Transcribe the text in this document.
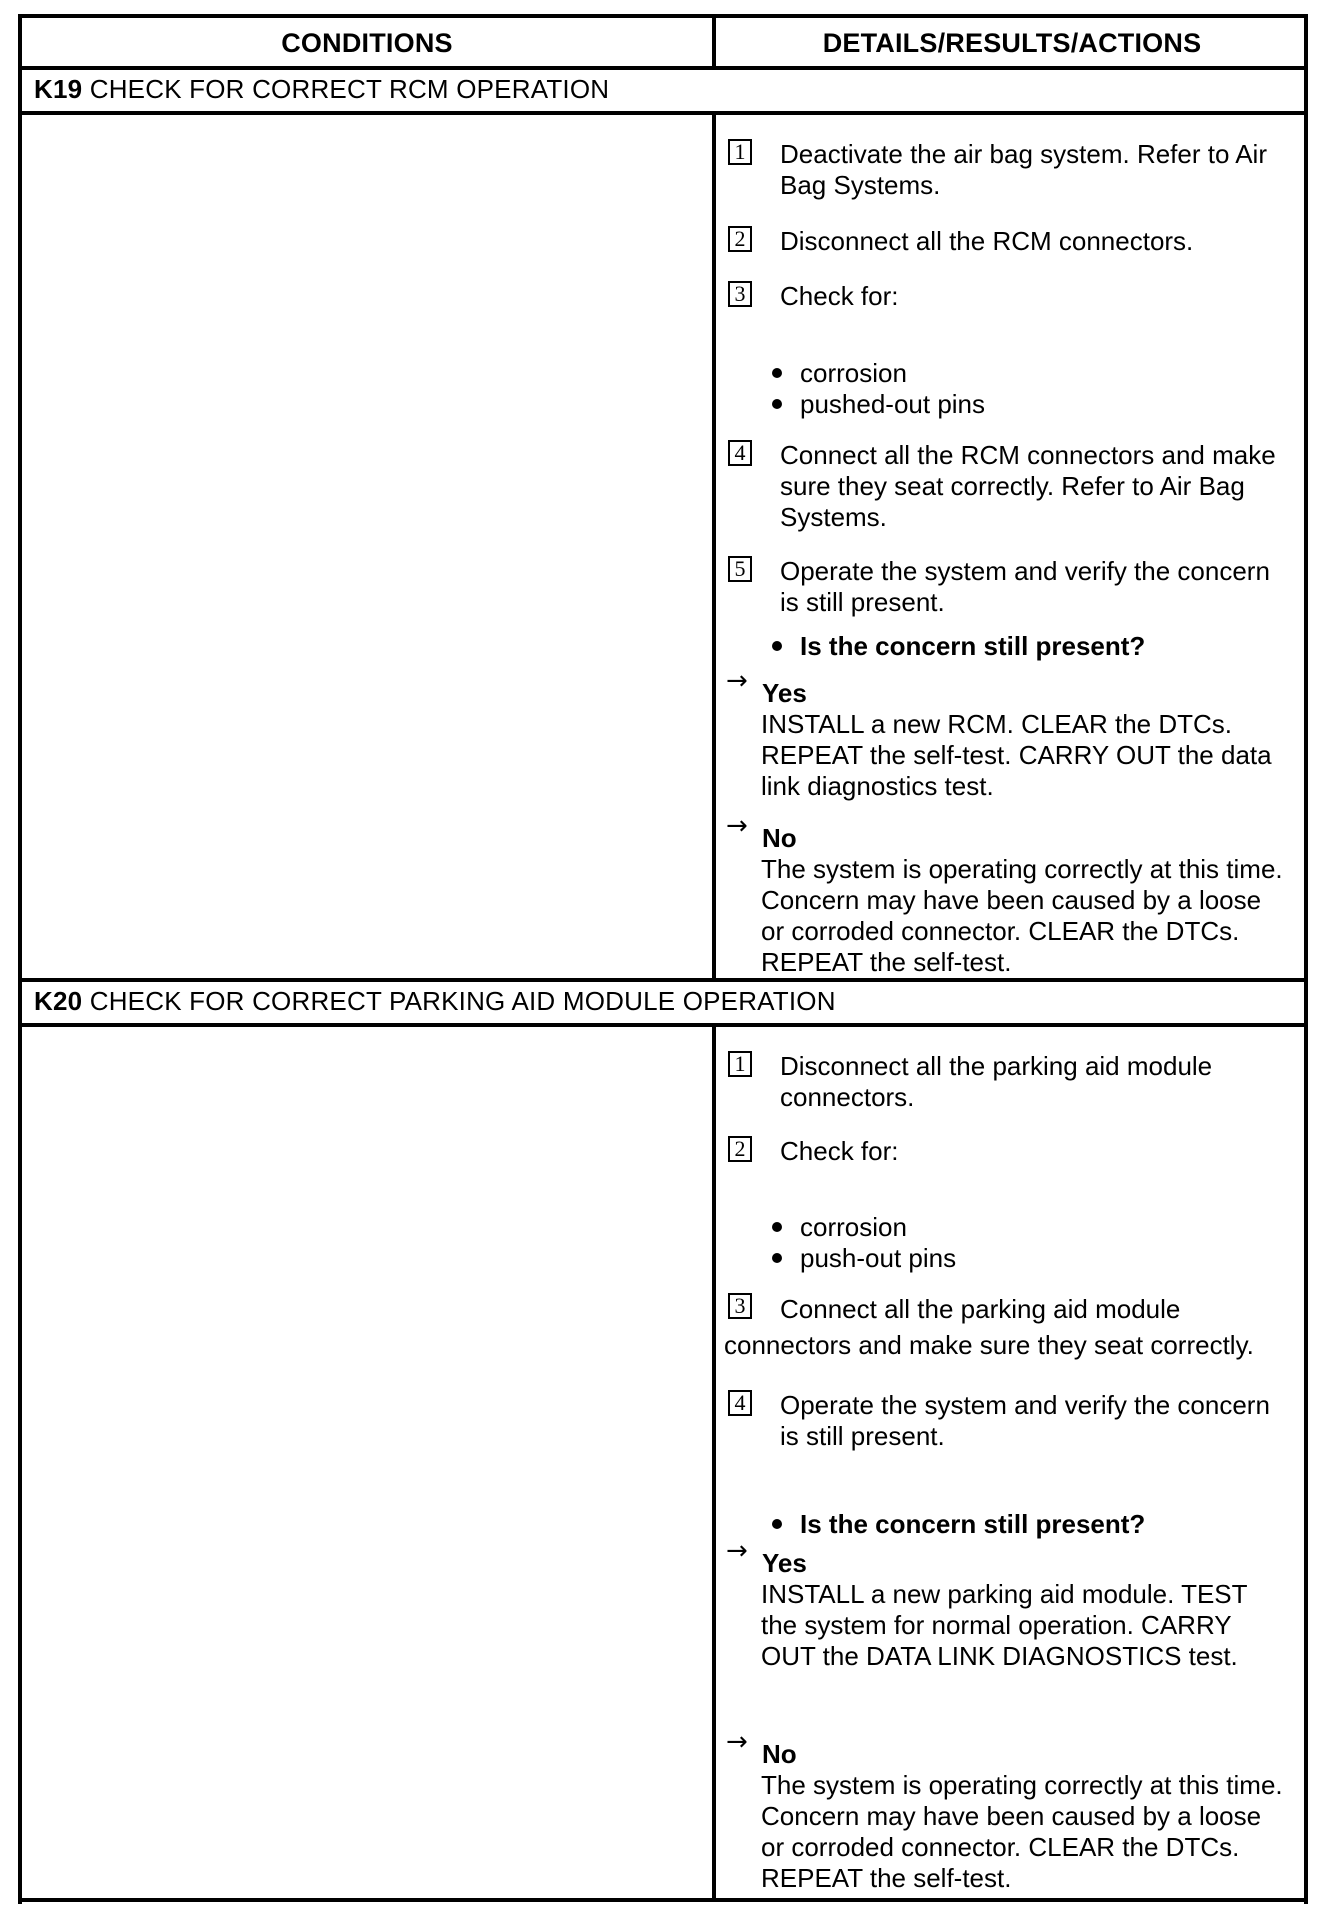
CONDITIONS	DETAILS/RESULTS/ACTIONS
K19 CHECK FOR CORRECT RCM OPERATION
1 Deactivate the air bag system. Refer to Air Bag Systems.
2 Disconnect all the RCM connectors.
3 Check for:
corrosion
pushed-out pins
4 Connect all the RCM connectors and make sure they seat correctly. Refer to Air Bag Systems.
5 Operate the system and verify the concern is still present.
Is the concern still present?
→ Yes
INSTALL a new RCM. CLEAR the DTCs. REPEAT the self-test. CARRY OUT the data link diagnostics test.
→ No
The system is operating correctly at this time. Concern may have been caused by a loose or corroded connector. CLEAR the DTCs. REPEAT the self-test.
K20 CHECK FOR CORRECT PARKING AID MODULE OPERATION
1 Disconnect all the parking aid module connectors.
2 Check for:
corrosion
push-out pins
3	Connect all the parking aid module connectors and make sure they seat correctly.
4 Operate the system and verify the concern is still present.
Is the concern still present?
→ Yes
INSTALL a new parking aid module. TEST the system for normal operation. CARRY OUT the DATA LINK DIAGNOSTICS test.
→ No
The system is operating correctly at this time. Concern may have been caused by a loose or corroded connector. CLEAR the DTCs. REPEAT the self-test.
